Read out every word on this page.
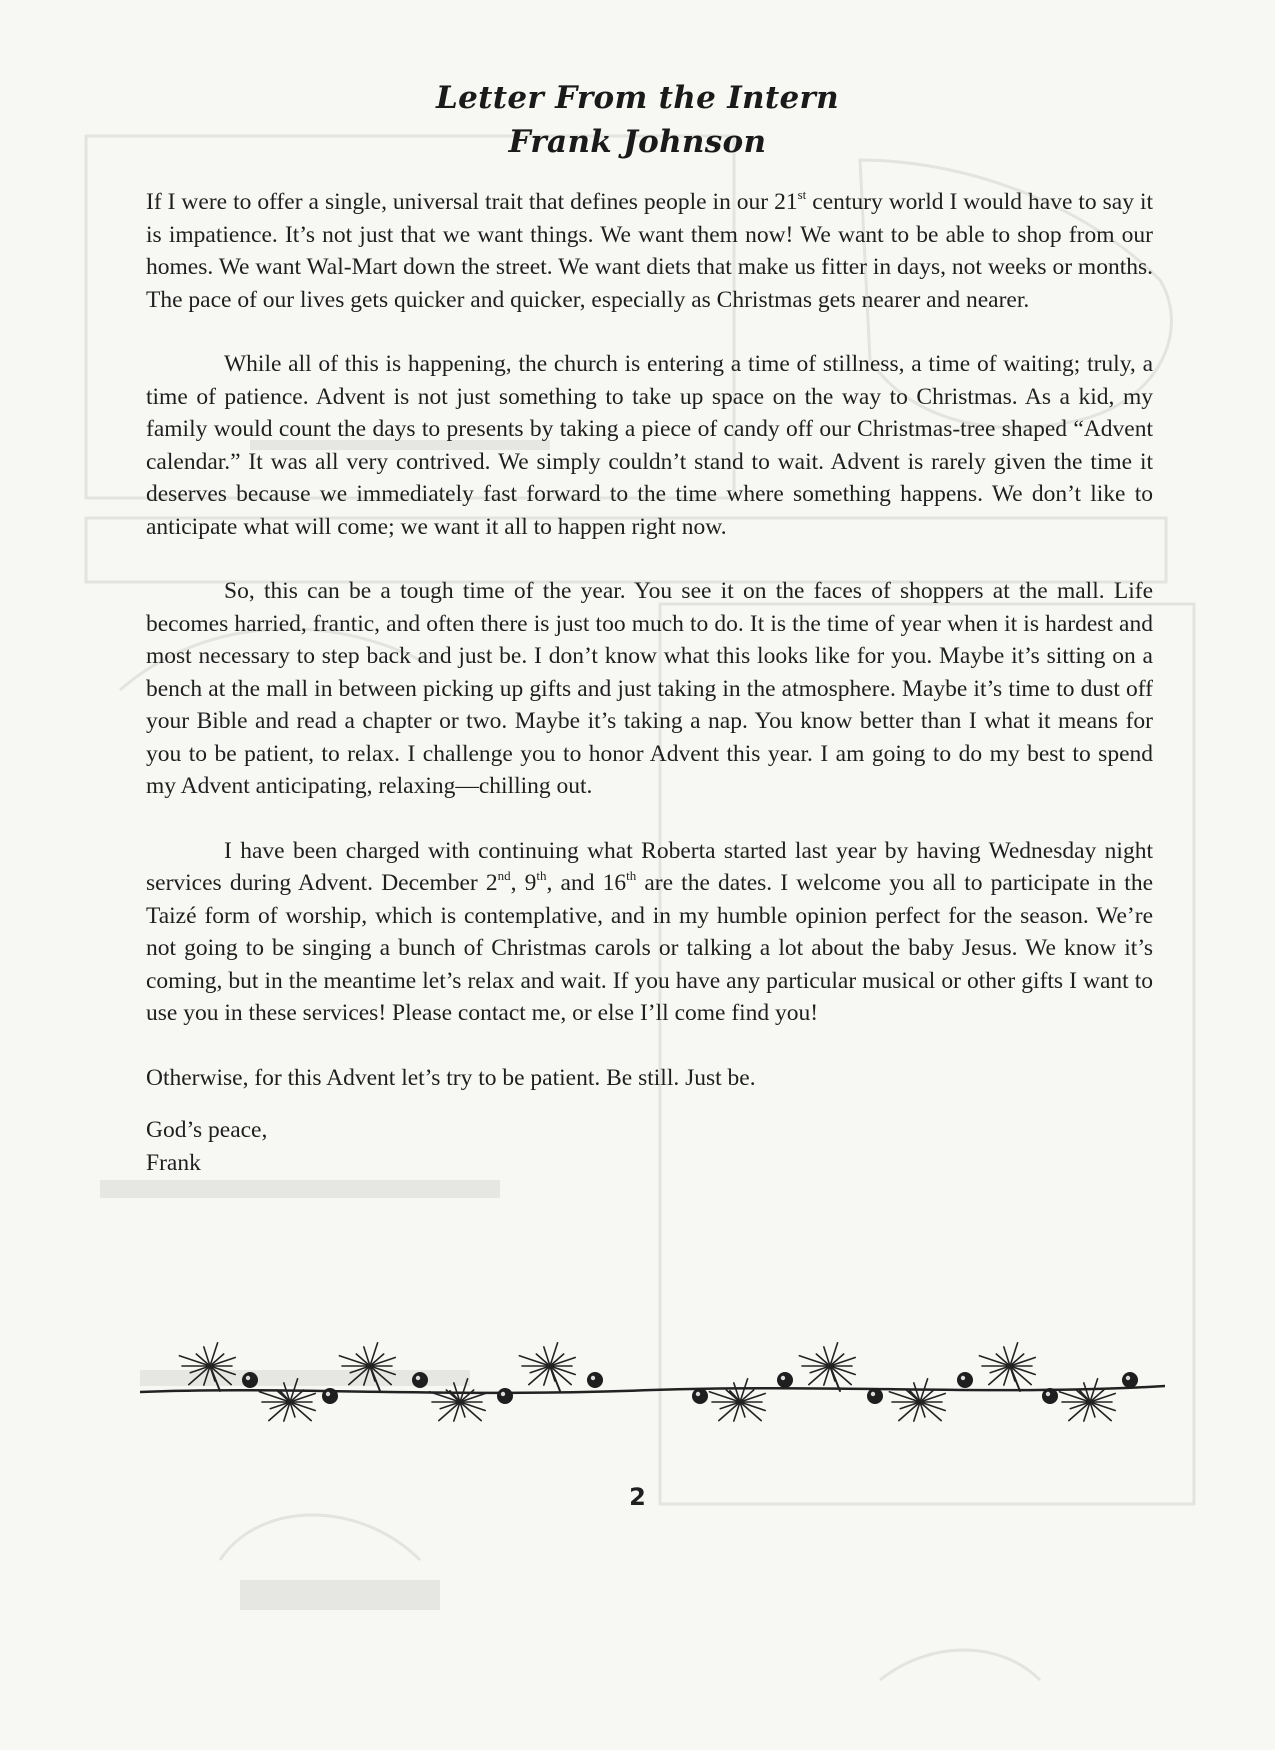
Letter From the Intern
Frank Johnson

If I were to offer a single, universal trait that defines people in our 21st century world I would have to say it is impatience. It’s not just that we want things. We want them now! We want to be able to shop from our homes. We want Wal-Mart down the street. We want diets that make us fitter in days, not weeks or months. The pace of our lives gets quicker and quicker, especially as Christmas gets nearer and nearer.

While all of this is happening, the church is entering a time of stillness, a time of waiting; truly, a time of patience. Advent is not just something to take up space on the way to Christmas. As a kid, my family would count the days to presents by taking a piece of candy off our Christmas-tree shaped “Advent calendar.” It was all very contrived. We simply couldn’t stand to wait. Advent is rarely given the time it deserves because we immediately fast forward to the time where something happens. We don’t like to anticipate what will come; we want it all to happen right now.

So, this can be a tough time of the year. You see it on the faces of shoppers at the mall. Life becomes harried, frantic, and often there is just too much to do. It is the time of year when it is hardest and most necessary to step back and just be. I don’t know what this looks like for you. Maybe it’s sitting on a bench at the mall in between picking up gifts and just taking in the atmosphere. Maybe it’s time to dust off your Bible and read a chapter or two. Maybe it’s taking a nap. You know better than I what it means for you to be patient, to relax. I challenge you to honor Advent this year. I am going to do my best to spend my Advent anticipating, relaxing—chilling out.

I have been charged with continuing what Roberta started last year by having Wednesday night services during Advent. December 2nd, 9th, and 16th are the dates. I welcome you all to participate in the Taizé form of worship, which is contemplative, and in my humble opinion perfect for the season. We’re not going to be singing a bunch of Christmas carols or talking a lot about the baby Jesus. We know it’s coming, but in the meantime let’s relax and wait. If you have any particular musical or other gifts I want to use you in these services! Please contact me, or else I’ll come find you!

Otherwise, for this Advent let’s try to be patient. Be still. Just be.

God’s peace,
Frank
2
